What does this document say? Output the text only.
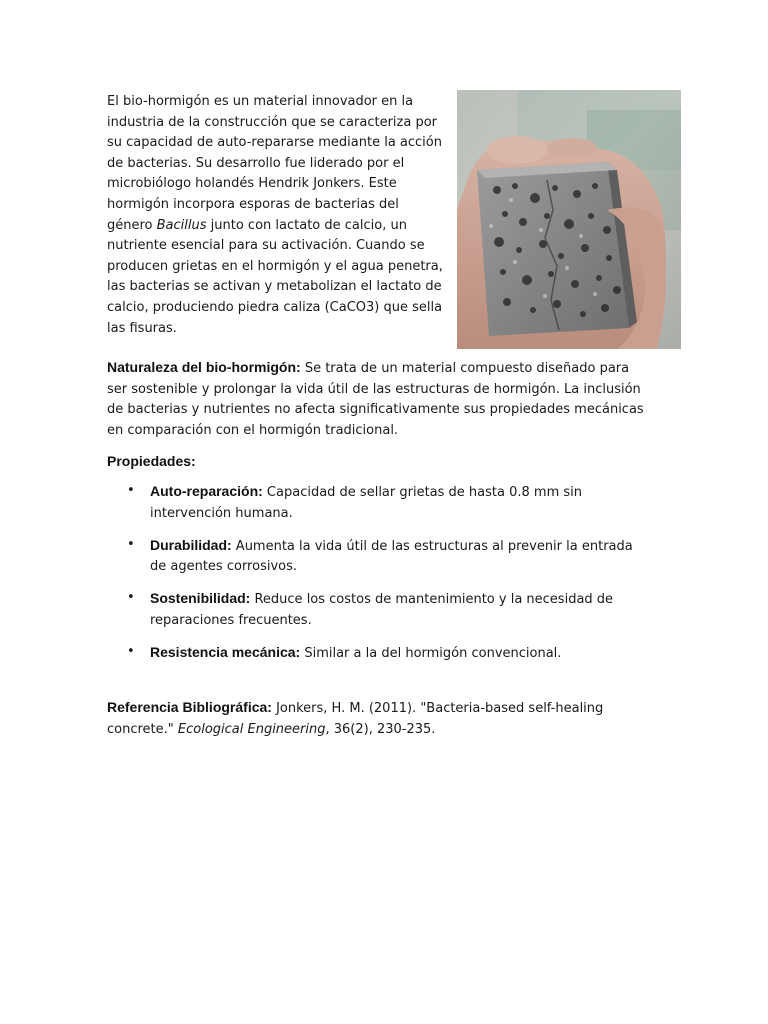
El bio-hormigón es un material innovador en la industria de la construcción que se caracteriza por su capacidad de auto-repararse mediante la acción de bacterias. Su desarrollo fue liderado por el microbiólogo holandés Hendrik Jonkers. Este hormigón incorpora esporas de bacterias del género Bacillus junto con lactato de calcio, un nutriente esencial para su activación. Cuando se producen grietas en el hormigón y el agua penetra, las bacterias se activan y metabolizan el lactato de calcio, produciendo piedra caliza (CaCO3) que sella las fisuras.

Naturaleza del bio-hormigón: Se trata de un material compuesto diseñado para ser sostenible y prolongar la vida útil de las estructuras de hormigón. La inclusión de bacterias y nutrientes no afecta significativamente sus propiedades mecánicas en comparación con el hormigón tradicional.

Propiedades:

• Auto-reparación: Capacidad de sellar grietas de hasta 0.8 mm sin intervención humana.
• Durabilidad: Aumenta la vida útil de las estructuras al prevenir la entrada de agentes corrosivos.
• Sostenibilidad: Reduce los costos de mantenimiento y la necesidad de reparaciones frecuentes.
• Resistencia mecánica: Similar a la del hormigón convencional.

Referencia Bibliográfica: Jonkers, H. M. (2011). "Bacteria-based self-healing concrete." Ecological Engineering, 36(2), 230-235.
